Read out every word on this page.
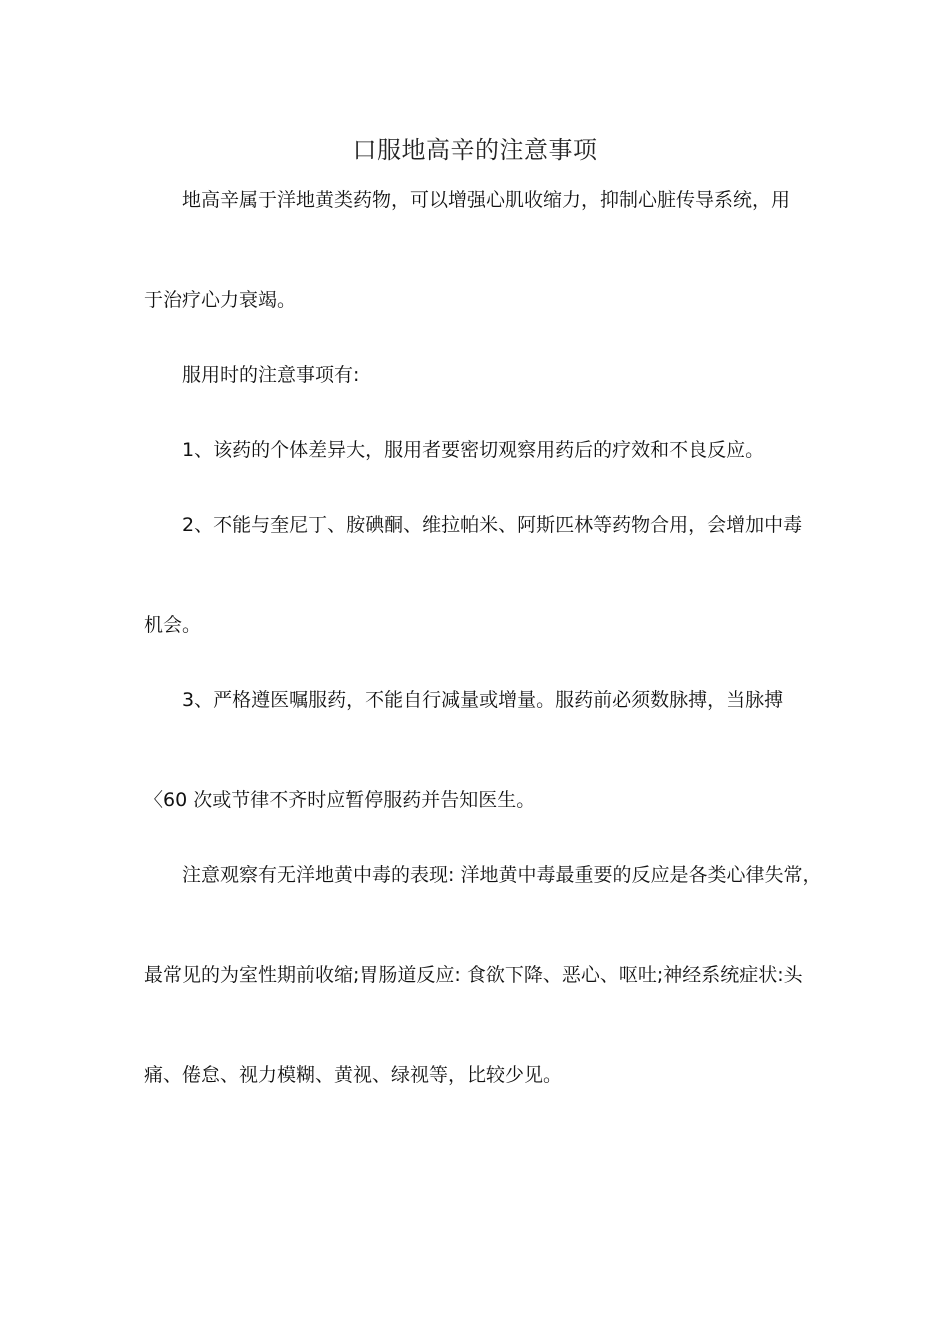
口服地高辛的注意事项

地高辛属于洋地黄类药物，可以增强心肌收缩力，抑制心脏传导系统，用

于治疗心力衰竭。

服用时的注意事项有:

1、该药的个体差异大，服用者要密切观察用药后的疗效和不良反应。

2、不能与奎尼丁、胺碘酮、维拉帕米、阿斯匹林等药物合用，会增加中毒

机会。

3、严格遵医嘱服药，不能自行减量或增量。服药前必须数脉搏，当脉搏

〈60 次或节律不齐时应暂停服药并告知医生。

注意观察有无洋地黄中毒的表现: 洋地黄中毒最重要的反应是各类心律失常，

最常见的为室性期前收缩;胃肠道反应: 食欲下降、恶心、呕吐;神经系统症状:头

痛、倦怠、视力模糊、黄视、绿视等，比较少见。
